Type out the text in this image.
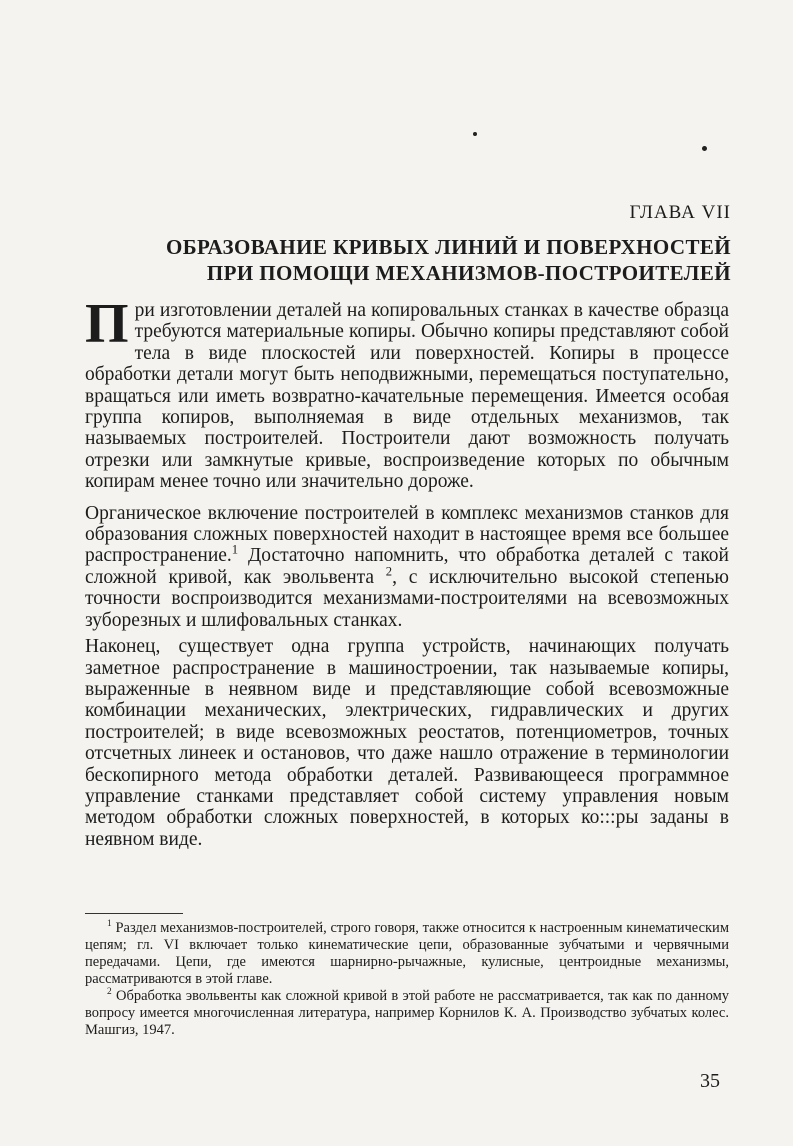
ГЛАВА VII
ОБРАЗОВАНИЕ КРИВЫХ ЛИНИЙ И ПОВЕРХНОСТЕЙ
ПРИ ПОМОЩИ МЕХАНИЗМОВ-ПОСТРОИТЕЛЕЙ

При изготовлении деталей на копировальных станках в качестве образца требуются материальные копиры. Обычно копиры представляют собой тела в виде плоскостей или поверхностей. Копиры в процессе обработки детали могут быть неподвижными, перемещаться поступательно, вращаться или иметь возвратно-качательные перемещения. Имеется особая группа копиров, выполняемая в виде отдельных механизмов, так называемых построителей. Построители дают возможность получать отрезки или замкнутые кривые, воспроизведение которых по обычным копирам менее точно или значительно дороже.

Органическое включение построителей в комплекс механизмов станков для образования сложных поверхностей находит в настоящее время все большее распространение.$^1$ Достаточно напомнить, что обработка деталей с такой сложной кривой, как эвольвента $^2$, с исключительно высокой степенью точности воспроизводится механизмами-построителями на всевозможных зуборезных и шлифовальных станках.

Наконец, существует одна группа устройств, начинающих получать заметное распространение в машиностроении, так называемые копиры, выраженные в неявном виде и представляющие собой всевозможные комбинации механических, электрических, гидравлических и других построителей; в виде всевозможных реостатов, потенциометров, точных отсчетных линеек и остановов, что даже нашло отражение в терминологии бескопирного метода обработки деталей. Развивающееся программное управление станками представляет собой систему управления новым методом обработки сложных поверхностей, в которых ко:::ры заданы в неявном виде.

$^1$ Раздел механизмов-построителей, строго говоря, также относится к настроенным кинематическим цепям; гл. VI включает только кинематические цепи, образованные зубчатыми и червячными передачами. Цепи, где имеются шарнирно-рычажные, кулисные, центроидные механизмы, рассматриваются в этой главе.

$^2$ Обработка эвольвенты как сложной кривой в этой работе не рассматривается, так как по данному вопросу имеется многочисленная литература, например Корнилов К. А. Производство зубчатых колес. Машгиз, 1947.

35
